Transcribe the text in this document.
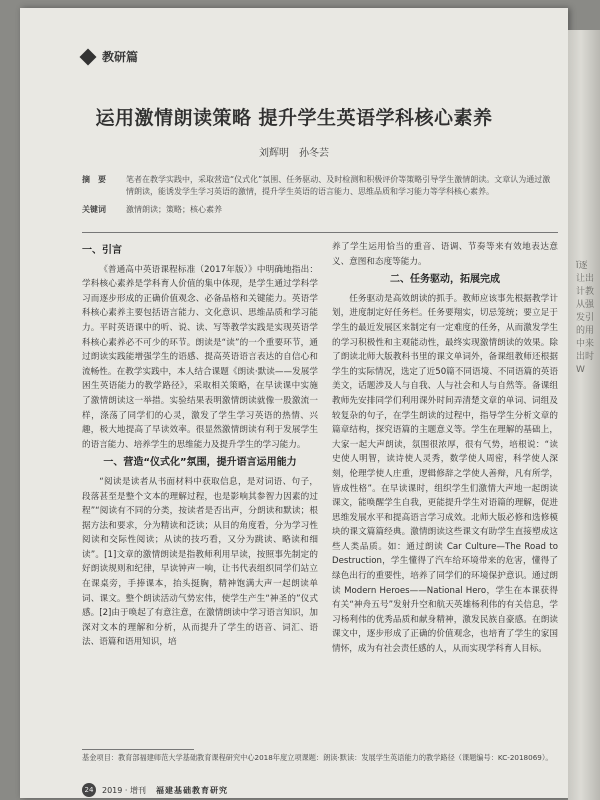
教研篇
运用激情朗读策略 提升学生英语学科核心素养
刘辉明　孙冬芸
摘　要	笔者在教学实践中，采取营造“仪式化”氛围、任务驱动、及时检测和积极评价等策略引导学生激情朗读。文章认为通过激情朗读，能诱发学生学习英语的激情，提升学生英语的语言能力、思维品质和学习能力等学科核心素养。
关键词	激情朗读；策略；核心素养
一、引言

《普通高中英语课程标准（2017年版）》中明确地指出：学科核心素养是学科育人价值的集中体现，是学生通过学科学习而逐步形成的正确价值观念、必备品格和关键能力。英语学科核心素养主要包括语言能力、文化意识、思维品质和学习能力。平时英语课中的听、说、读、写等教学实践是实现英语学科核心素养必不可少的环节。朗读是“读”的一个重要环节，通过朗读实践能增强学生的语感、提高英语语言表达的自信心和流畅性。在教学实践中，本人结合课题《朗读·默读——发展学困生英语能力的教学路径》，采取相关策略，在早读课中实施了激情朗读这一举措。实验结果表明激情朗读就像一股激流一样，涤荡了同学们的心灵，激发了学生学习英语的热情、兴趣，极大地提高了早读效率。很显然激情朗读有利于发展学生的语言能力、培养学生的思维能力及提升学生的学习能力。

一、营造“仪式化”氛围，提升语言运用能力

“阅读是读者从书面材料中获取信息，是对词语、句子，段落甚至是整个文本的理解过程，也是影响其参智力因素的过程”“阅读有不同的分类，按读者是否出声，分朗读和默读；根据方法和要求，分为精读和泛读；从目的角度看，分为学习性阅读和交际性阅读；从读的技巧看，又分为跳读、略读和细读”。[1]文章的激情朗读是指教师利用早读，按照事先制定的好朗读规则和纪律，早读钟声一响，让书代表组织同学们站立在课桌旁，手捧课本，抬头挺胸，精神饱满大声一起朗读单词、课文。整个朗读活动气势宏伟，使学生产生“神圣的”仪式感。[2]由于唤起了有意注意，在激情朗读中学习语言知识，加深对文本的理解和分析，从而提升了学生的语音、词汇、语法、语篇和语用知识，培

养了学生运用恰当的重音、语调、节奏等来有效地表达意义、意图和态度等能力。

二、任务驱动，拓展完成

任务驱动是高效朗读的抓手。教师应该事先根据教学计划，进度制定好任务栏。任务要翔实，切忌笼统；要立足于学生的最近发展区来制定有一定难度的任务，从而激发学生的学习积极性和主观能动性，最终实现激情朗读的效果。除了朗读北师大版教科书里的课文单词外，备课组教师还根据学生的实际情况，选定了近50篇不同语境、不同语篇的英语美文，话题涉及人与自我、人与社会和人与自然等。备课组教师先安排同学们利用课外时间弄清楚文章的单词、词组及较复杂的句子，在学生朗读的过程中，指导学生分析文章的篇章结构，探究语篇的主题意义等。学生在理解的基础上，大家一起大声朗读，氛围很浓厚，很有气势，培根说：“读史使人明智，读诗使人灵秀，数学使人周密，科学使人深刻，伦理学使人庄重，逻辑修辞之学使人善辩，凡有所学，皆成性格”。在早读课时，组织学生们激情大声地一起朗读课文，能唤醒学生自我，更能提升学生对语篇的理解，促进思维发展水平和提高语言学习成效。北师大版必修和选修模块的课文篇篇经典。激情朗读这些课文有助学生直接塑成这些人类品质。如：通过朗读 Car Culture—The Road to Destruction，学生懂得了汽车给环境带来的危害，懂得了绿色出行的重要性，培养了同学们的环境保护意识。通过朗读 Modern Heroes——National Hero，学生在本课获得有关“神舟五号”发射升空和航天英雄杨利伟的有关信息，学习杨利伟的优秀品质和献身精神，激发民族自豪感。在朗读课文中，逐步形成了正确的价值观念，也培育了学生的家国情怀，成为有社会责任感的人，从而实现学科育人目标。

基金项目：教育部福建师范大学基础教育课程研究中心2018年度立项课题：朗读·默读：发展学生英语能力的教学路径（课题编号：KC-2018069）。
24	2019 · 增刊 福建基础教育研究
ǐ逐让出计教从强发引的用中来出时W
